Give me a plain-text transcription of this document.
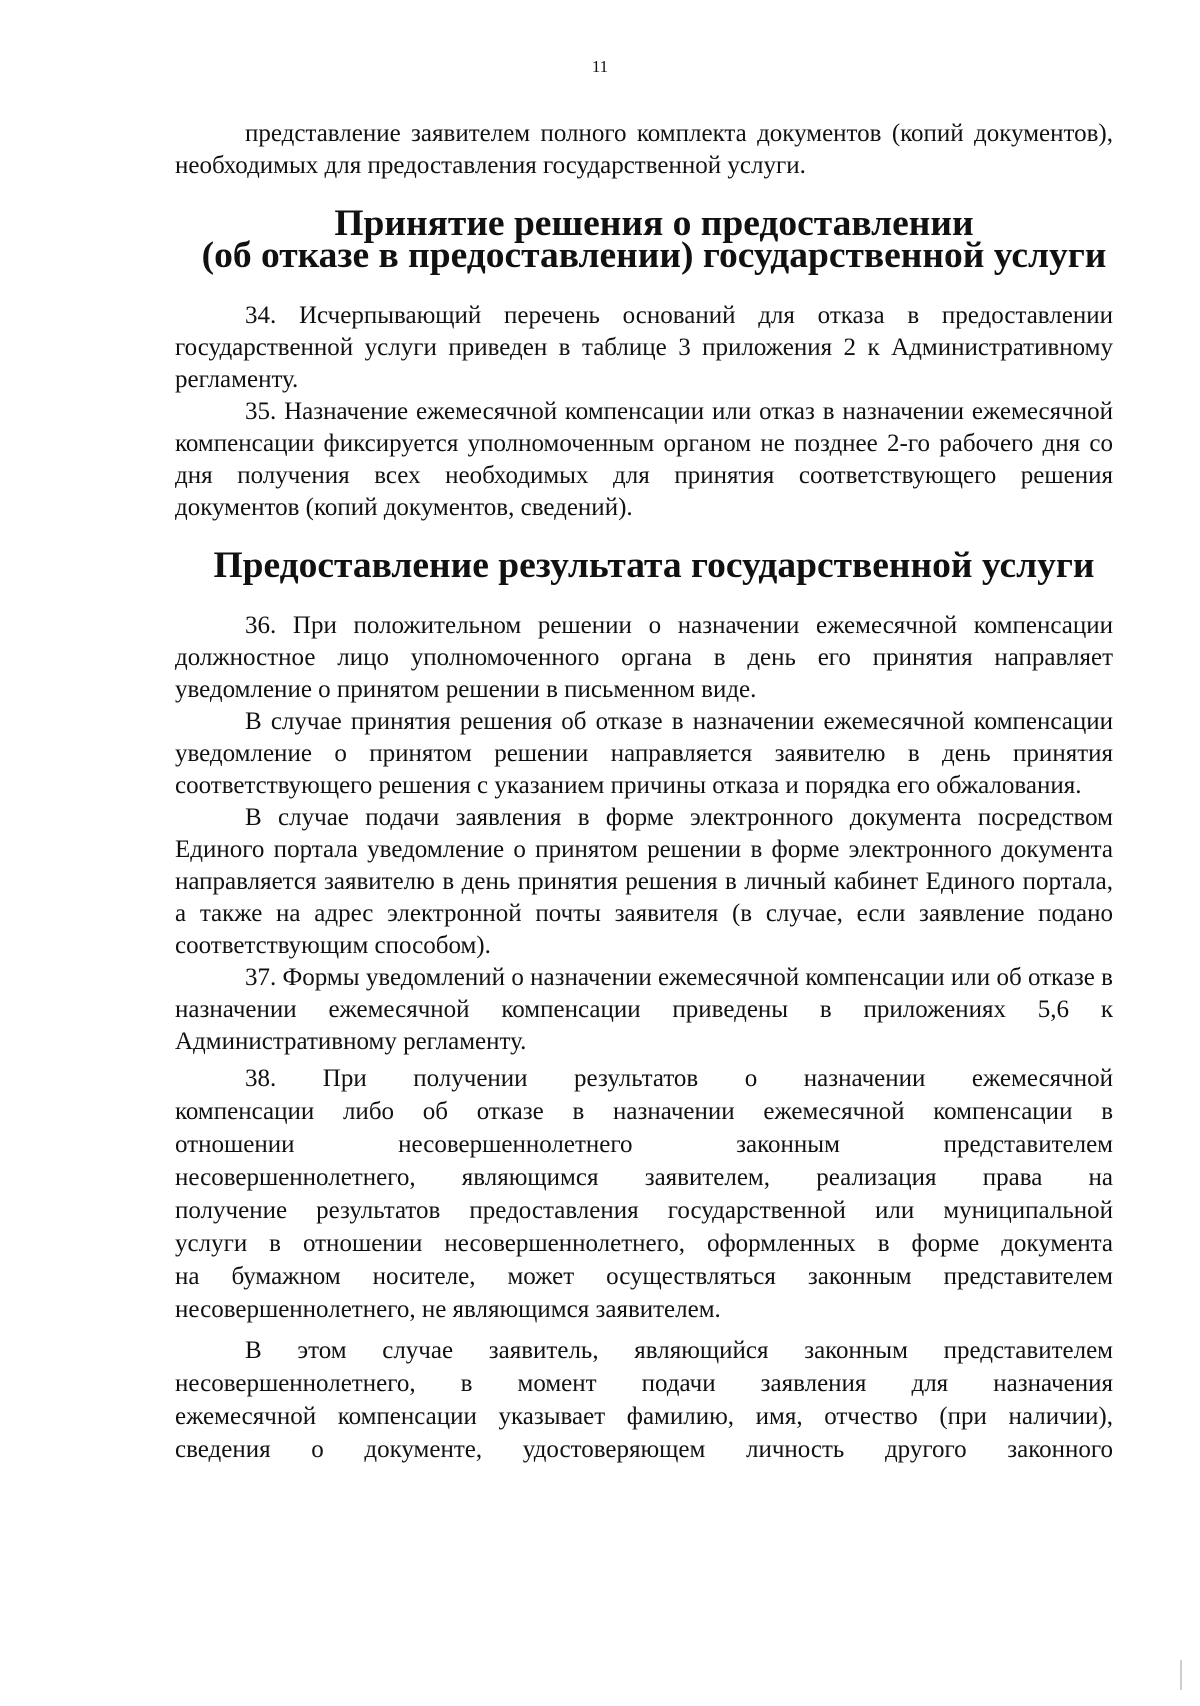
11

представление заявителем полного комплекта документов (копий документов), необходимых для предоставления государственной услуги.

Принятие решения о предоставлении
(об отказе в предоставлении) государственной услуги

34. Исчерпывающий перечень оснований для отказа в предоставлении государственной услуги приведен в таблице 3 приложения 2 к Административному регламенту.

35. Назначение ежемесячной компенсации или отказ в назначении ежемесячной компенсации фиксируется уполномоченным органом не позднее 2-го рабочего дня со дня получения всех необходимых для принятия соответствующего решения документов (копий документов, сведений).

Предоставление результата государственной услуги

36. При положительном решении о назначении ежемесячной компенсации должностное лицо уполномоченного органа в день его принятия направляет уведомление о принятом решении в письменном виде.

В случае принятия решения об отказе в назначении ежемесячной компенсации уведомление о принятом решении направляется заявителю в день принятия соответствующего решения с указанием причины отказа и порядка его обжалования.

В случае подачи заявления в форме электронного документа посредством Единого портала уведомление о принятом решении в форме электронного документа направляется заявителю в день принятия решения в личный кабинет Единого портала, а также на адрес электронной почты заявителя (в случае, если заявление подано соответствующим способом).

37. Формы уведомлений о назначении ежемесячной компенсации или об отказе в назначении ежемесячной компенсации приведены в приложениях 5,6 к Административному регламенту.

38. При получении результатов о назначении ежемесячной
компенсации либо об отказе в назначении ежемесячной компенсации в
отношении несовершеннолетнего законным представителем
несовершеннолетнего, являющимся заявителем, реализация права на
получение результатов предоставления государственной или муниципальной
услуги в отношении несовершеннолетнего, оформленных в форме документа
на бумажном носителе, может осуществляться законным представителем
несовершеннолетнего, не являющимся заявителем.
В этом случае заявитель, являющийся законным представителем
несовершеннолетнего, в момент подачи заявления для назначения
ежемесячной компенсации указывает фамилию, имя, отчество (при наличии),
сведения о документе, удостоверяющем личность другого законного
